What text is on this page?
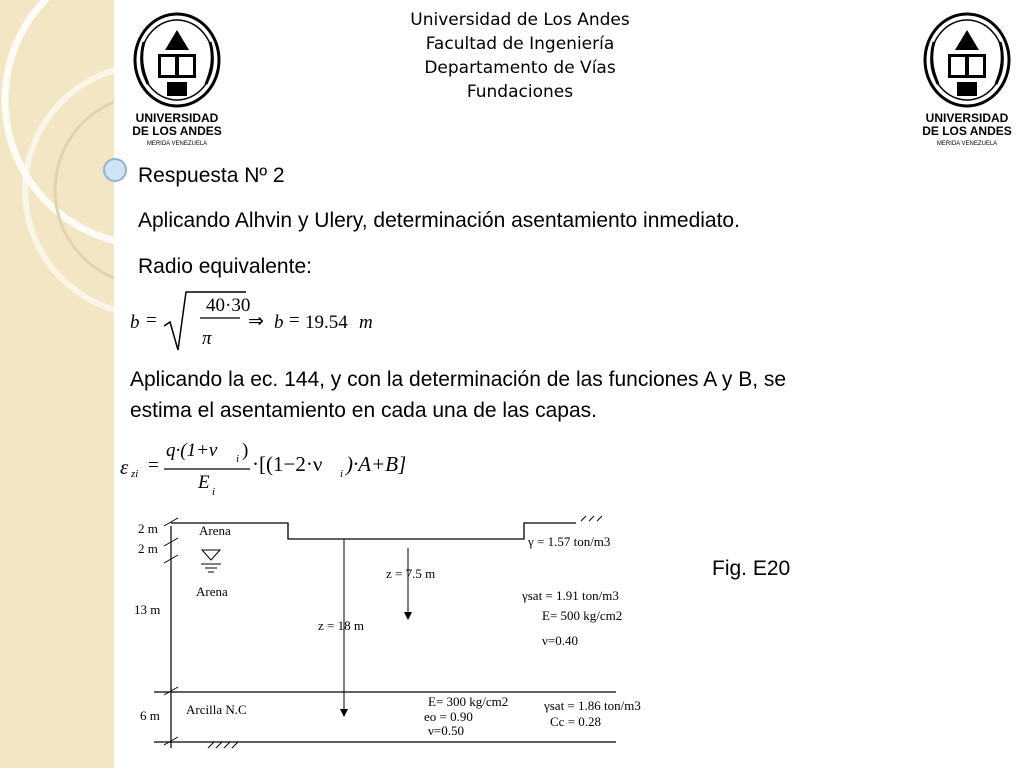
UNIVERSIDAD
DE LOS ANDES
MERIDA VENEZUELA
UNIVERSIDAD
DE LOS ANDES
MERIDA VENEZUELA
Universidad de Los Andes
Facultad de Ingeniería
Departamento de Vías
Fundaciones
Respuesta Nº 2
Aplicando Alhvin y Ulery, determinación asentamiento inmediato.
Radio equivalente:
b =
40·30
π
⇒ b = 19.54 m
Aplicando la ec. 144, y con la determinación de las funciones A y B, se
estima el asentamiento en cada una de las capas.
ε zi =
q·(1+ν i )
E i
·[(1−2·ν i )·A+B]
2 m
2 m
13 m
6 m
Arena
Arena
Arcilla N.C
z = 7.5 m
z = 18 m
γ = 1.57 ton/m3
γsat = 1.91 ton/m3
E= 500 kg/cm2
ν=0.40
E= 300 kg/cm2
eo = 0.90
ν=0.50
γsat = 1.86 ton/m3
Cc = 0.28
Fig. E20
